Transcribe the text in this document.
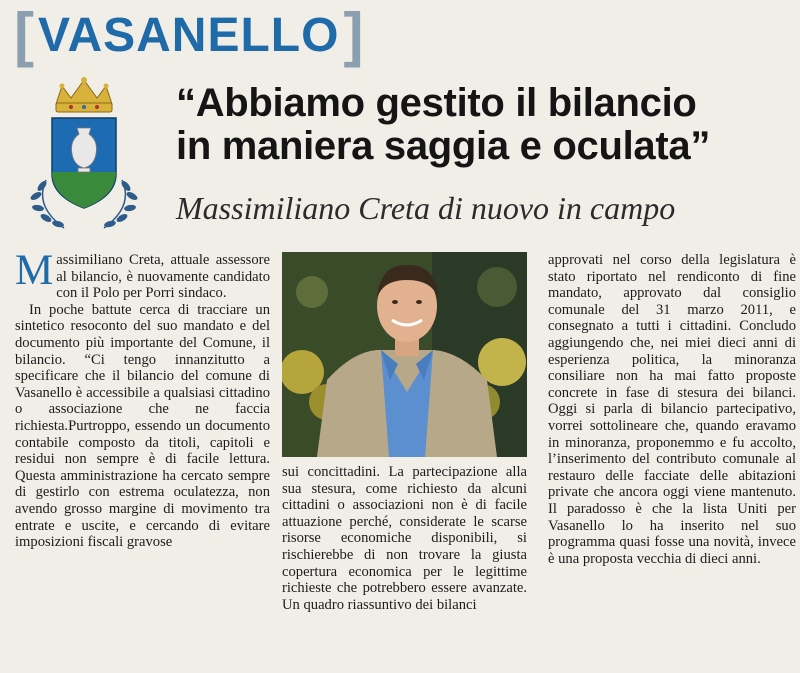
[ VASANELLO ]
“Abbiamo gestito il bilancio
in maniera saggia e oculata”
Massimiliano Creta di nuovo in campo

Massimiliano Creta, attuale assessore al bilancio, è nuovamente candidato con il Polo per Porri sindaco.

In poche battute cerca di tracciare un sintetico resoconto del suo mandato e del documento più importante del Comune, il bilancio. “Ci tengo innanzitutto a specificare che il bilancio del comune di Vasanello è accessibile a qualsiasi cittadino o associazione che ne faccia richiesta.Purtroppo, essendo un documento contabile composto da titoli, capitoli e residui non sempre è di facile lettura. Questa amministrazione ha cercato sempre di gestirlo con estrema oculatezza, non avendo grosso margine di movimento tra entrate e uscite, e cercando di evitare imposizioni fiscali gravose

sui concittadini. La partecipazione alla sua stesura, come richiesto da alcuni cittadini o associazioni non è di facile attuazione perché, considerate le scarse risorse economiche disponibili, si rischierebbe di non trovare la giusta copertura economica per le legittime richieste che potrebbero essere avanzate. Un quadro riassuntivo dei bilanci

approvati nel corso della legislatura è stato riportato nel rendiconto di fine mandato, approvato dal consiglio comunale del 31 marzo 2011, e consegnato a tutti i cittadini. Concludo aggiungendo che, nei miei dieci anni di esperienza politica, la minoranza consiliare non ha mai fatto proposte concrete in fase di stesura dei bilanci. Oggi si parla di bilancio partecipativo, vorrei sottolineare che, quando eravamo in minoranza, proponemmo e fu accolto, l’inserimento del contributo comunale al restauro delle facciate delle abitazioni private che ancora oggi viene mantenuto. Il paradosso è che la lista Uniti per Vasanello lo ha inserito nel suo programma quasi fosse una novità, invece è una proposta vecchia di dieci anni.
